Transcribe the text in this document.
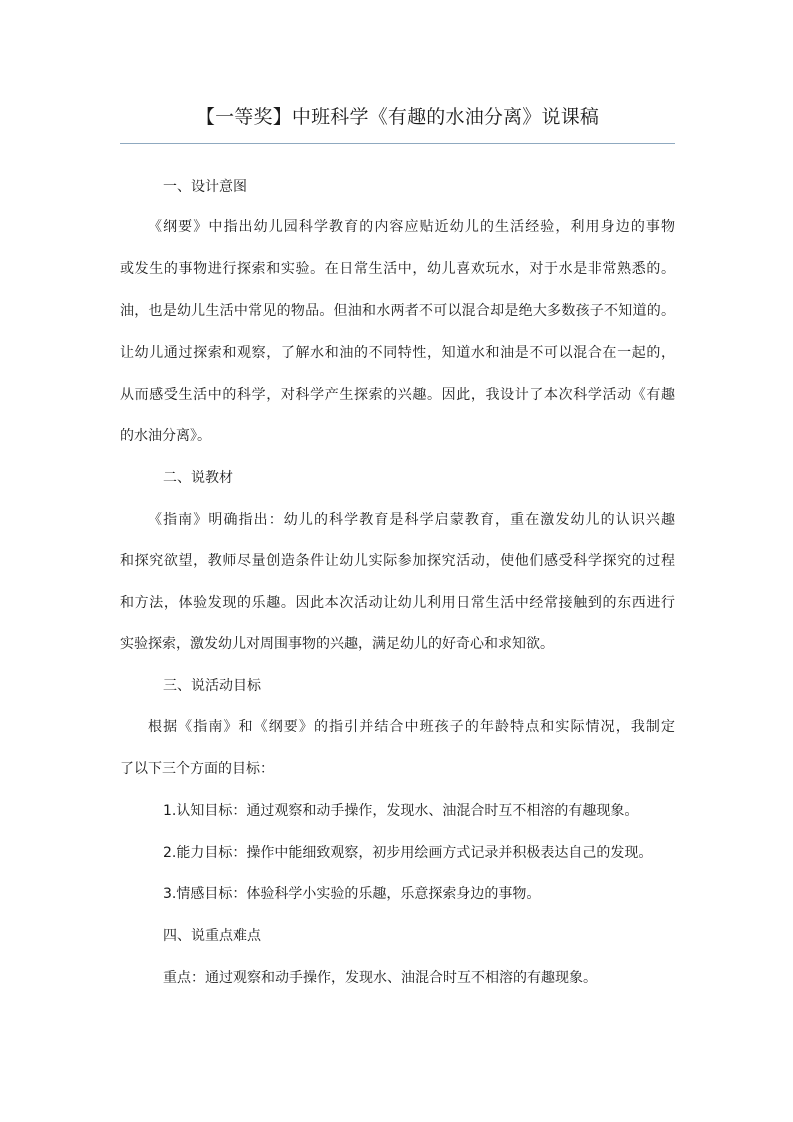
【一等奖】中班科学《有趣的水油分离》说课稿
一、设计意图
《纲要》中指出幼儿园科学教育的内容应贴近幼儿的生活经验，利用身边的事物
或发生的事物进行探索和实验。在日常生活中，幼儿喜欢玩水，对于水是非常熟悉的。
油，也是幼儿生活中常见的物品。但油和水两者不可以混合却是绝大多数孩子不知道的。
让幼儿通过探索和观察，了解水和油的不同特性，知道水和油是不可以混合在一起的，
从而感受生活中的科学，对科学产生探索的兴趣。因此，我设计了本次科学活动《有趣
的水油分离》。
二、说教材
《指南》明确指出：幼儿的科学教育是科学启蒙教育，重在激发幼儿的认识兴趣
和探究欲望，教师尽量创造条件让幼儿实际参加探究活动，使他们感受科学探究的过程
和方法，体验发现的乐趣。因此本次活动让幼儿利用日常生活中经常接触到的东西进行
实验探索，激发幼儿对周围事物的兴趣，满足幼儿的好奇心和求知欲。
三、说活动目标
根据《指南》和《纲要》的指引并结合中班孩子的年龄特点和实际情况，我制定
了以下三个方面的目标：
1.认知目标：通过观察和动手操作，发现水、油混合时互不相溶的有趣现象。
2.能力目标：操作中能细致观察，初步用绘画方式记录并积极表达自己的发现。
3.情感目标：体验科学小实验的乐趣，乐意探索身边的事物。
四、说重点难点
重点：通过观察和动手操作，发现水、油混合时互不相溶的有趣现象。
